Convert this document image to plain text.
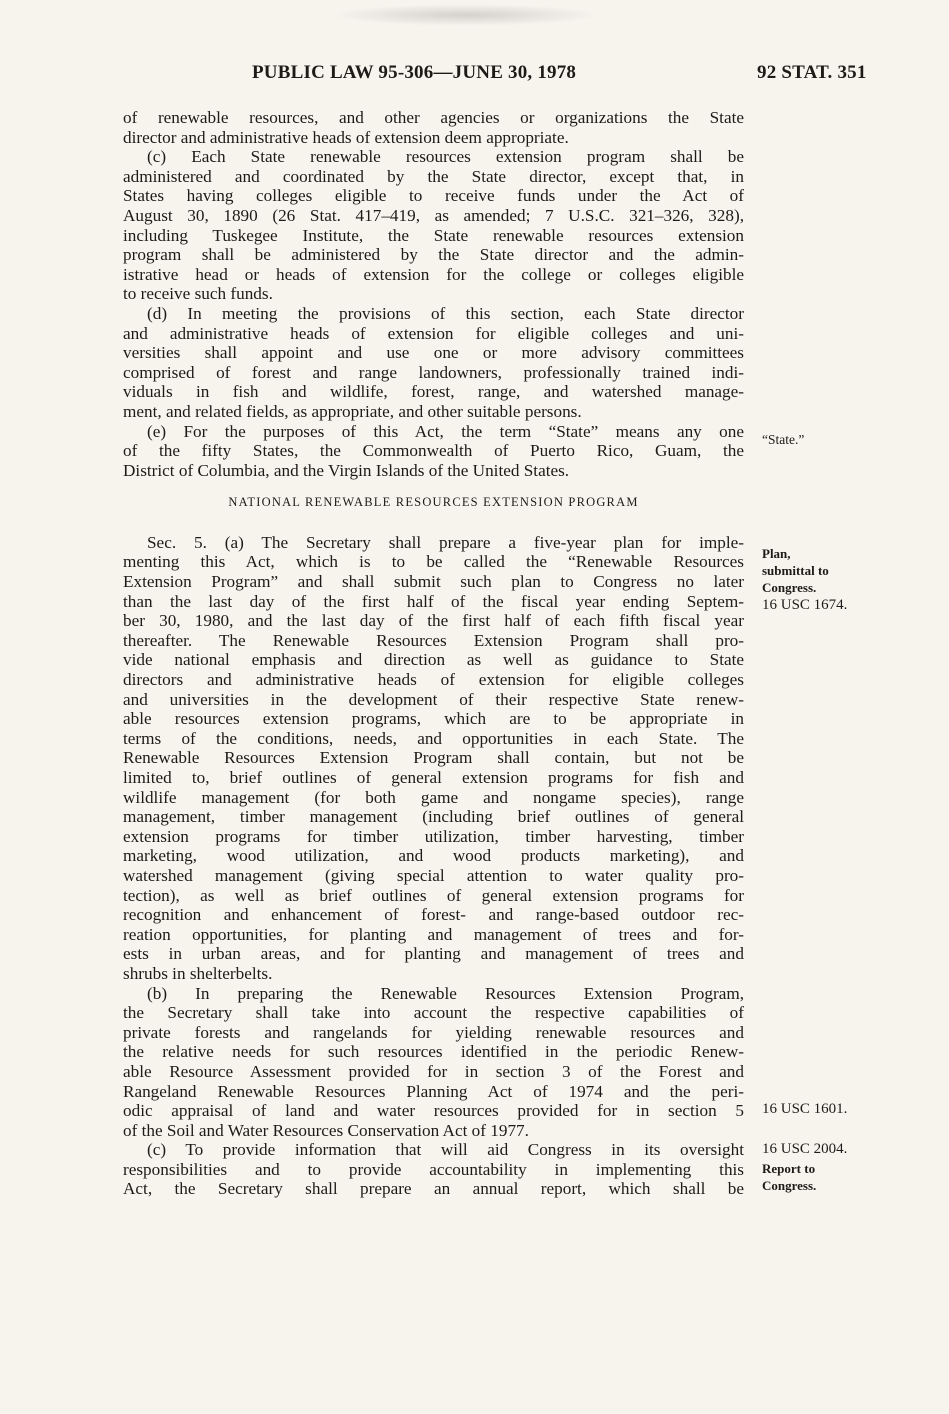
PUBLIC LAW 95-306—JUNE 30, 1978	92 STAT. 351
of renewable resources, and other agencies or organizations the State
director and administrative heads of extension deem appropriate.
(c) Each State renewable resources extension program shall be
administered and coordinated by the State director, except that, in
States having colleges eligible to receive funds under the Act of
August 30, 1890 (26 Stat. 417–419, as amended; 7 U.S.C. 321–326, 328),
including Tuskegee Institute, the State renewable resources extension
program shall be administered by the State director and the admin-
istrative head or heads of extension for the college or colleges eligible
to receive such funds.
(d) In meeting the provisions of this section, each State director
and administrative heads of extension for eligible colleges and uni-
versities shall appoint and use one or more advisory committees
comprised of forest and range landowners, professionally trained indi-
viduals in fish and wildlife, forest, range, and watershed manage-
ment, and related fields, as appropriate, and other suitable persons.
(e) For the purposes of this Act, the term “State” means any one
of the fifty States, the Commonwealth of Puerto Rico, Guam, the
District of Columbia, and the Virgin Islands of the United States.
NATIONAL RENEWABLE RESOURCES EXTENSION PROGRAM
Sec. 5. (a) The Secretary shall prepare a five-year plan for imple-
menting this Act, which is to be called the “Renewable Resources
Extension Program” and shall submit such plan to Congress no later
than the last day of the first half of the fiscal year ending Septem-
ber 30, 1980, and the last day of the first half of each fifth fiscal year
thereafter. The Renewable Resources Extension Program shall pro-
vide national emphasis and direction as well as guidance to State
directors and administrative heads of extension for eligible colleges
and universities in the development of their respective State renew-
able resources extension programs, which are to be appropriate in
terms of the conditions, needs, and opportunities in each State. The
Renewable Resources Extension Program shall contain, but not be
limited to, brief outlines of general extension programs for fish and
wildlife management (for both game and nongame species), range
management, timber management (including brief outlines of general
extension programs for timber utilization, timber harvesting, timber
marketing, wood utilization, and wood products marketing), and
watershed management (giving special attention to water quality pro-
tection), as well as brief outlines of general extension programs for
recognition and enhancement of forest- and range-based outdoor rec-
reation opportunities, for planting and management of trees and for-
ests in urban areas, and for planting and management of trees and
shrubs in shelterbelts.
(b) In preparing the Renewable Resources Extension Program,
the Secretary shall take into account the respective capabilities of
private forests and rangelands for yielding renewable resources and
the relative needs for such resources identified in the periodic Renew-
able Resource Assessment provided for in section 3 of the Forest and
Rangeland Renewable Resources Planning Act of 1974 and the peri-
odic appraisal of land and water resources provided for in section 5
of the Soil and Water Resources Conservation Act of 1977.
(c) To provide information that will aid Congress in its oversight
responsibilities and to provide accountability in implementing this
Act, the Secretary shall prepare an annual report, which shall be
“State.”
Plan,
submittal to
Congress.
16 USC 1674.
16 USC 1601.
16 USC 2004.
Report to
Congress.
